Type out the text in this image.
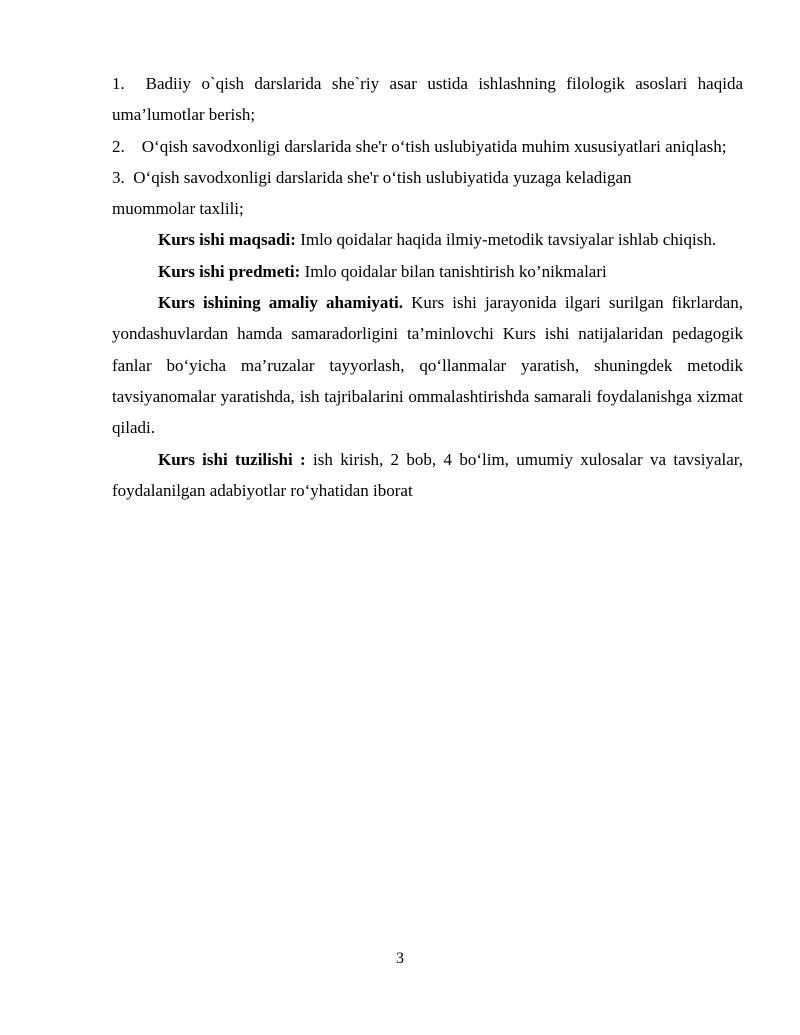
1. Badiiy o`qish darslarida she`riy asar ustida ishlashning filologik asoslari haqida uma’lumotlar berish;

2. O‘qish savodxonligi darslarida she'r o‘tish uslubiyatida muhim xususiyatlari aniqlash;

3. O‘qish savodxonligi darslarida she'r o‘tish uslubiyatida yuzaga keladigan
muommolar taxlili;

Kurs ishi maqsadi: Imlo qoidalar haqida ilmiy-metodik tavsiyalar ishlab chiqish.

Kurs ishi predmeti: Imlo qoidalar bilan tanishtirish ko’nikmalari

Kurs ishining amaliy ahamiyati. Kurs ishi jarayonida ilgari surilgan fikrlardan, yondashuvlardan hamda samaradorligini ta’minlovchi Kurs ishi natijalaridan pedagogik fanlar bo‘yicha ma’ruzalar tayyorlash, qo‘llanmalar yaratish, shuningdek metodik tavsiyanomalar yaratishda, ish tajribalarini ommalashtirishda samarali foydalanishga xizmat qiladi.

Kurs ishi tuzilishi : ish kirish, 2 bob, 4 bo‘lim, umumiy xulosalar va tavsiyalar, foydalanilgan adabiyotlar ro‘yhatidan iborat

3
